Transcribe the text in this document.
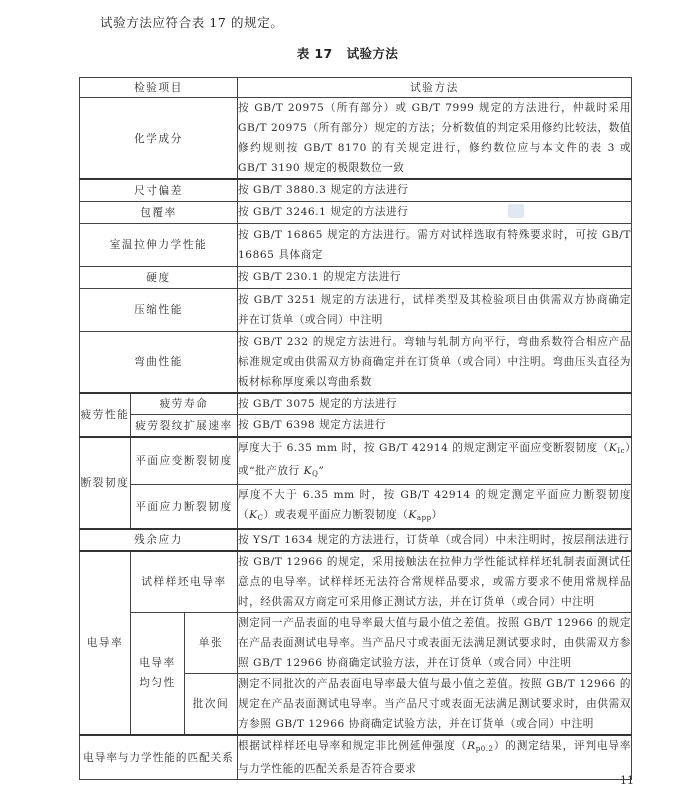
试验方法应符合表 17 的规定。
表 17 试验方法
检验项目			试验方法
化学成分			按 GB/T 20975（所有部分）或 GB/T 7999 规定的方法进行，仲裁时采用 GB/T 20975（所有部分）规定的方法；分析数值的判定采用修约比较法，数值修约规则按 GB/T 8170 的有关规定进行，修约数位应与本文件的表 3 或 GB/T 3190 规定的极限数位一致
尺寸偏差			按 GB/T 3880.3 规定的方法进行
包覆率			按 GB/T 3246.1 规定的方法进行
室温拉伸力学性能			按 GB/T 16865 规定的方法进行。需方对试样选取有特殊要求时，可按 GB/T 16865 具体商定
硬度			按 GB/T 230.1 的规定方法进行
压缩性能			按 GB/T 3251 规定的方法进行，试样类型及其检验项目由供需双方协商确定并在订货单（或合同）中注明
弯曲性能			按 GB/T 232 的规定方法进行。弯轴与轧制方向平行，弯曲系数符合相应产品标准规定或由供需双方协商确定并在订货单（或合同）中注明。弯曲压头直径为板材标称厚度乘以弯曲系数
疲劳性能	疲劳寿命		按 GB/T 3075 规定的方法进行
	疲劳裂纹扩展速率		按 GB/T 6398 规定方法进行
断裂韧度	平面应变断裂韧度		厚度大于 6.35 mm 时，按 GB/T 42914 的规定测定平面应变断裂韧度$(K_{Ic})$或“批产放行 $K_Q$”
	平面应力断裂韧度		厚度不大于 6.35 mm 时，按 GB/T 42914 的规定测定平面应力断裂韧度$(K_C)$或表观平面应力断裂韧度$(K_{app})$
残余应力			按 YS/T 1634 规定的方法进行，订货单（或合同）中未注明时，按层削法进行
电导率	试样样坯电导率		按 GB/T 12966 的规定，采用接触法在拉伸力学性能试样样坯轧制表面测试任意点的电导率。试样样坯无法符合常规样品要求，或需方要求不使用常规样品时，经供需双方商定可采用修正测试方法，并在订货单（或合同）中注明
	电导率均匀性	单张	测定同一产品表面的电导率最大值与最小值之差值。按照 GB/T 12966 的规定在产品表面测试电导率。当产品尺寸或表面无法满足测试要求时，由供需双方参照 GB/T 12966 协商确定试验方法，并在订货单（或合同）中注明
		批次间	测定不同批次的产品表面电导率最大值与最小值之差值。按照 GB/T 12966 的规定在产品表面测试电导率。当产品尺寸或表面无法满足测试要求时，由供需双方参照 GB/T 12966 协商确定试验方法，并在订货单（或合同）中注明
电导率与力学性能的匹配关系			根据试样样坯电导率和规定非比例延伸强度$(R_{p0.2})$的测定结果，评判电导率与力学性能的匹配关系是否符合要求
11
